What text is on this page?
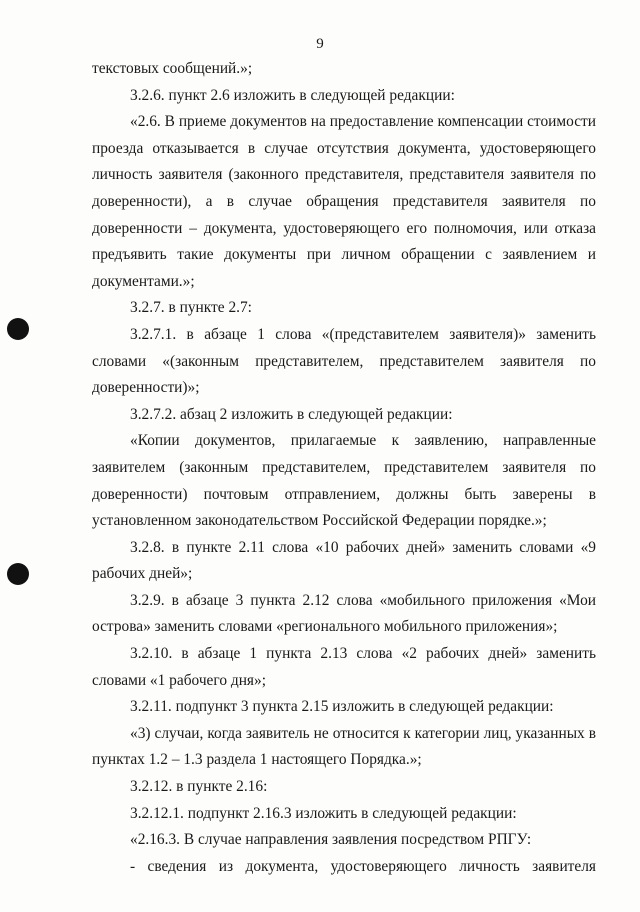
9

текстовых сообщений.»;

3.2.6. пункт 2.6 изложить в следующей редакции:

«2.6. В приеме документов на предоставление компенсации стоимости проезда отказывается в случае отсутствия документа, удостоверяющего личность заявителя (законного представителя, представителя заявителя по доверенности), а в случае обращения представителя заявителя по доверенности – документа, удостоверяющего его полномочия, или отказа предъявить такие документы при личном обращении с заявлением и документами.»;

3.2.7. в пункте 2.7:

3.2.7.1. в абзаце 1 слова «(представителем заявителя)» заменить словами «(законным представителем, представителем заявителя по доверенности)»;

3.2.7.2. абзац 2 изложить в следующей редакции:

«Копии документов, прилагаемые к заявлению, направленные заявителем (законным представителем, представителем заявителя по доверенности) почтовым отправлением, должны быть заверены в установленном законодательством Российской Федерации порядке.»;

3.2.8. в пункте 2.11 слова «10 рабочих дней» заменить словами «9 рабочих дней»;

3.2.9. в абзаце 3 пункта 2.12 слова «мобильного приложения «Мои острова» заменить словами «регионального мобильного приложения»;

3.2.10. в абзаце 1 пункта 2.13 слова «2 рабочих дней» заменить словами «1 рабочего дня»;

3.2.11. подпункт 3 пункта 2.15 изложить в следующей редакции:

«3) случаи, когда заявитель не относится к категории лиц, указанных в пунктах 1.2 – 1.3 раздела 1 настоящего Порядка.»;

3.2.12. в пункте 2.16:

3.2.12.1. подпункт 2.16.3 изложить в следующей редакции:

«2.16.3. В случае направления заявления посредством РПГУ:

- сведения из документа, удостоверяющего личность заявителя
